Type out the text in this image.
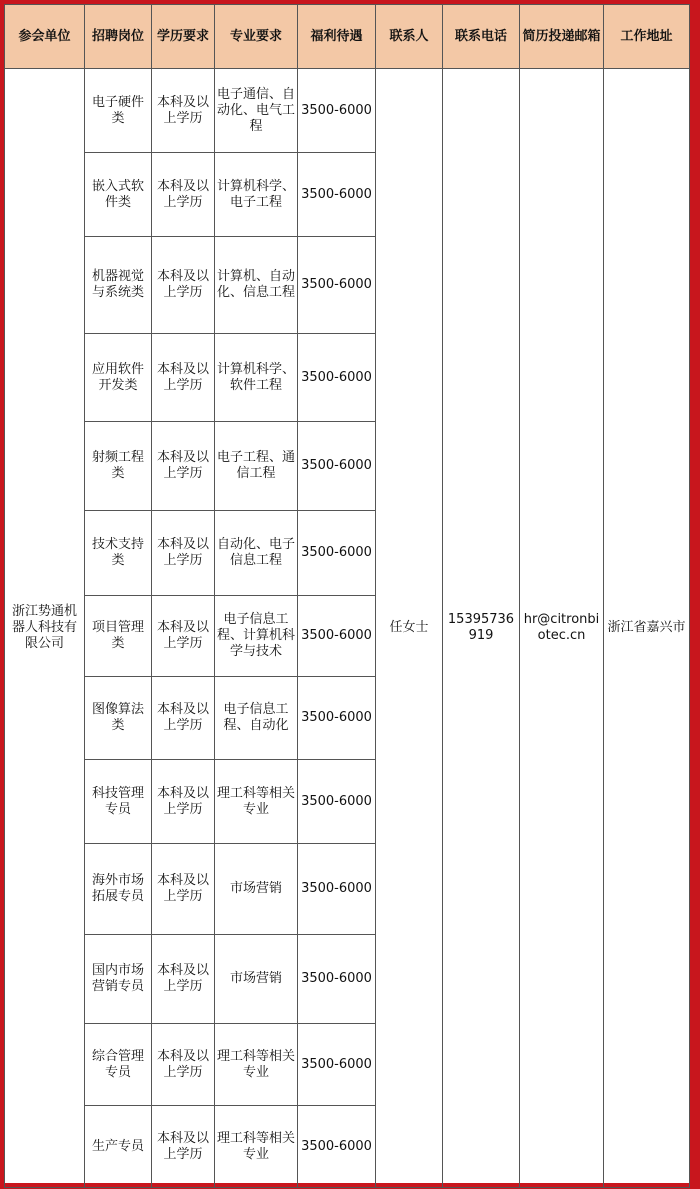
参会单位	招聘岗位	学历要求	专业要求	福利待遇	联系人	联系电话	简历投递邮箱	工作地址
浙江势通机器人科技有限公司	电子硬件类	本科及以上学历	电子通信、自动化、电气工程	3500-6000	任女士	15395736919	hr@citronbiotec.cn	浙江省嘉兴市
	嵌入式软件类	本科及以上学历	计算机科学、电子工程	3500-6000				
	机器视觉与系统类	本科及以上学历	计算机、自动化、信息工程	3500-6000				
	应用软件开发类	本科及以上学历	计算机科学、软件工程	3500-6000				
	射频工程类	本科及以上学历	电子工程、通信工程	3500-6000				
	技术支持类	本科及以上学历	自动化、电子信息工程	3500-6000				
	项目管理类	本科及以上学历	电子信息工程、计算机科学与技术	3500-6000				
	图像算法类	本科及以上学历	电子信息工程、自动化	3500-6000				
	科技管理专员	本科及以上学历	理工科等相关专业	3500-6000				
	海外市场拓展专员	本科及以上学历	市场营销	3500-6000				
	国内市场营销专员	本科及以上学历	市场营销	3500-6000				
	综合管理专员	本科及以上学历	理工科等相关专业	3500-6000				
	生产专员	本科及以上学历	理工科等相关专业	3500-6000				
